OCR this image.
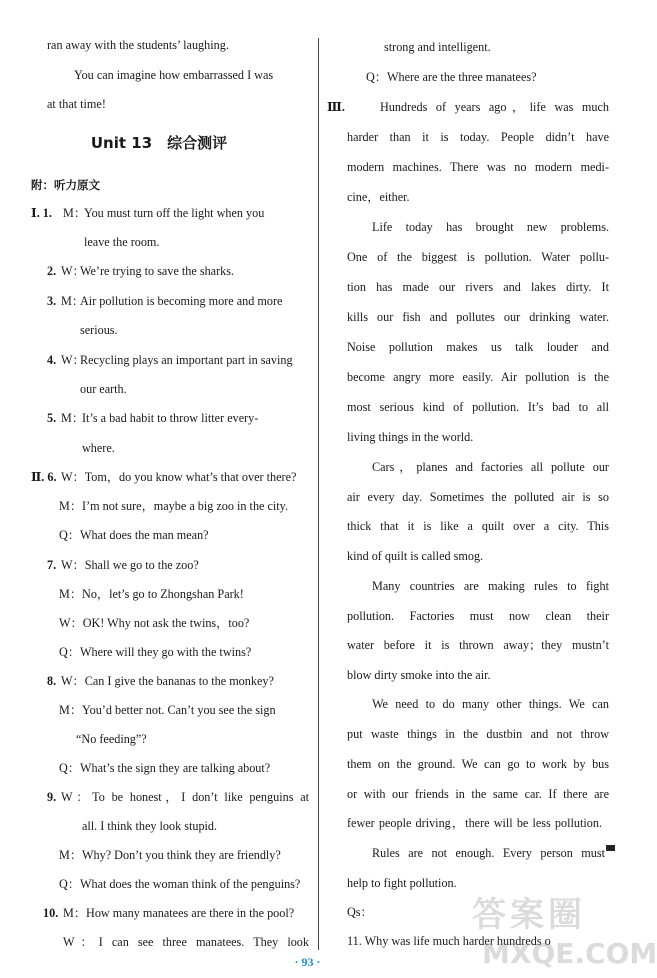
ran away with the students’ laughing.
You can imagine how embarrassed I was
at that time!
Unit 13　综合测评
附：听力原文
Ⅰ. 1. M：
You must turn off the light when you
leave the room.
2. W：
We’re trying to save the sharks.
3. M：
Air pollution is becoming more and more
serious.
4. W：
Recycling plays an important part in saving
our earth.
5. M：
It’s a bad habit to throw litter every-
where.
Ⅱ. 6. W：Tom，do you know what’s that over there?
M：I’m not sure，maybe a big zoo in the city.
Q：What does the man mean?
7. W：Shall we go to the zoo?
M：No，let’s go to Zhongshan Park!
W：OK! Why not ask the twins，too?
Q：Where will they go with the twins?
8. W：Can I give the bananas to the monkey?
M：You’d better not. Can’t you see the sign
“No feeding”?
Q：What’s the sign they are talking about?
9. W：To be honest，I don’t like penguins at
all. I think they look stupid.
M：Why? Don’t you think they are friendly?
Q：What does the woman think of the penguins?
10. M：How many manatees are there in the pool?
W：I can see three manatees. They look
strong and intelligent.
Q：Where are the three manatees?
Ⅲ.	Hundreds of years ago，life was much
harder than it is today. People didn’t have
modern machines. There was no modern medi-
cine，either.
Life today has brought new problems.
One of the biggest is pollution. Water pollu-
tion has made our rivers and lakes dirty. It
kills our fish and pollutes our drinking water.
Noise pollution makes us talk louder and
become angry more easily. Air pollution is the
most serious kind of pollution. It’s bad to all
living things in the world.
Cars，planes and factories all pollute our
air every day. Sometimes the polluted air is so
thick that it is like a quilt over a city. This
kind of quilt is called smog.
Many countries are making rules to fight
pollution. Factories must now clean their
water before it is thrown away；they mustn’t
blow dirty smoke into the air.
We need to do many other things. We can
put waste things in the dustbin and not throw
them on the ground. We can go to work by bus
or with our friends in the same car. If there are
fewer people driving，there will be less pollution.
Rules are not enough. Every person must
help to fight pollution.
Qs：
11. Why was life much harder hundreds o
· 93 ·
答案圈
MXQE.COM
